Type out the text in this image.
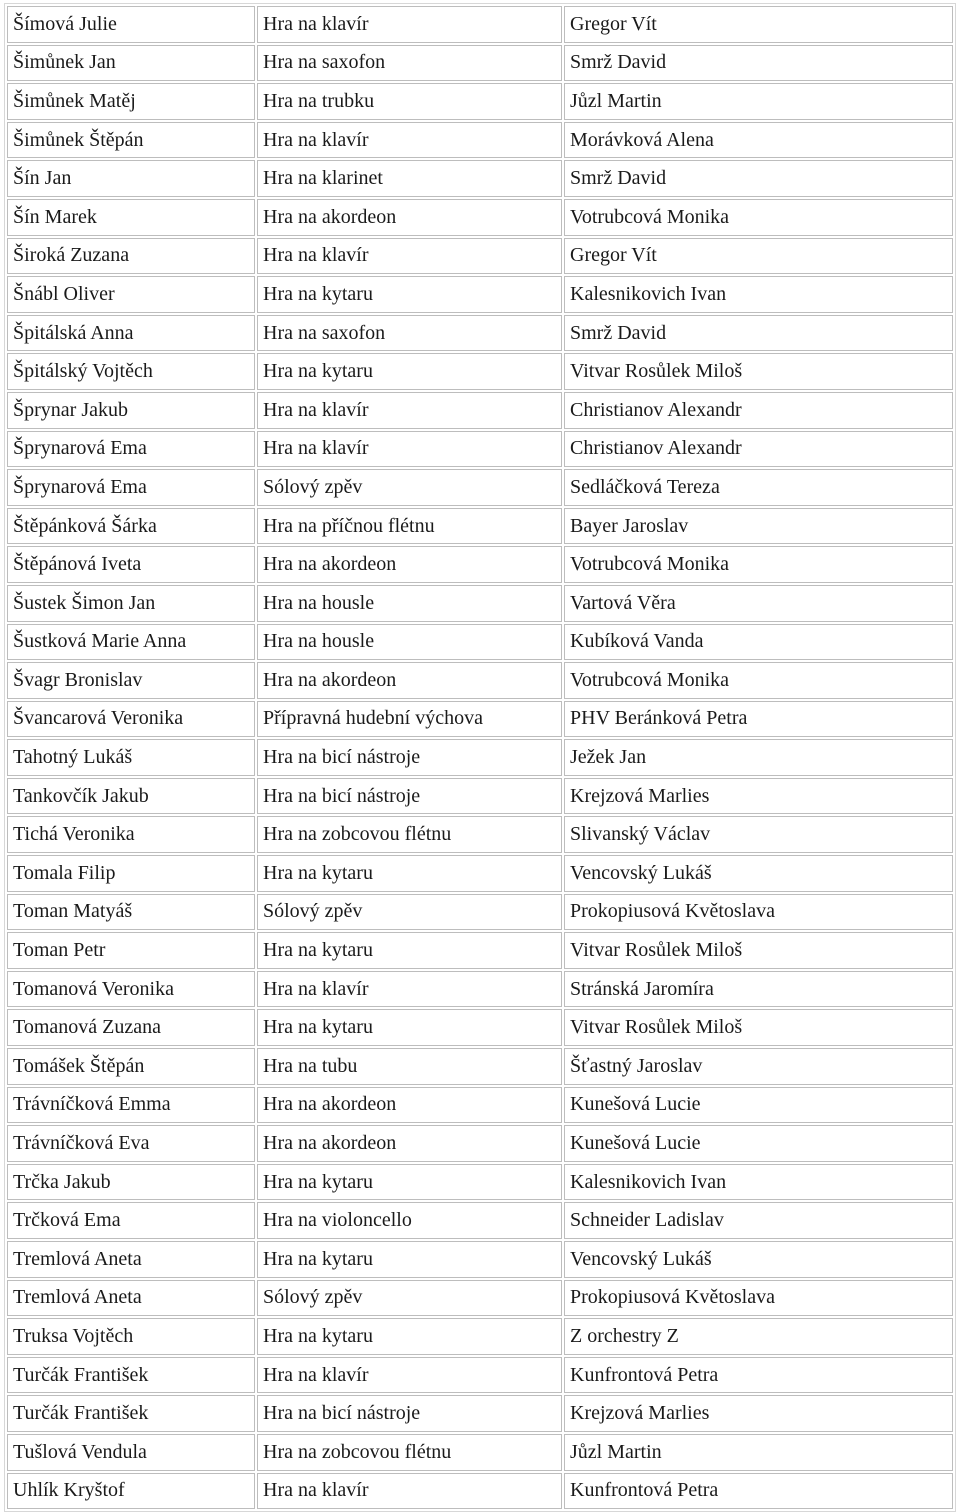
Šímová Julie	Hra na klavír	Gregor Vít
Šimůnek Jan	Hra na saxofon	Smrž David
Šimůnek Matěj	Hra na trubku	Jůzl Martin
Šimůnek Štěpán	Hra na klavír	Morávková Alena
Šín Jan	Hra na klarinet	Smrž David
Šín Marek	Hra na akordeon	Votrubcová Monika
Široká Zuzana	Hra na klavír	Gregor Vít
Šnábl Oliver	Hra na kytaru	Kalesnikovich Ivan
Špitálská Anna	Hra na saxofon	Smrž David
Špitálský Vojtěch	Hra na kytaru	Vitvar Rosůlek Miloš
Šprynar Jakub	Hra na klavír	Christianov Alexandr
Šprynarová Ema	Hra na klavír	Christianov Alexandr
Šprynarová Ema	Sólový zpěv	Sedláčková Tereza
Štěpánková Šárka	Hra na příčnou flétnu	Bayer Jaroslav
Štěpánová Iveta	Hra na akordeon	Votrubcová Monika
Šustek Šimon Jan	Hra na housle	Vartová Věra
Šustková Marie Anna	Hra na housle	Kubíková Vanda
Švagr Bronislav	Hra na akordeon	Votrubcová Monika
Švancarová Veronika	Přípravná hudební výchova	PHV Beránková Petra
Tahotný Lukáš	Hra na bicí nástroje	Ježek Jan
Tankovčík Jakub	Hra na bicí nástroje	Krejzová Marlies
Tichá Veronika	Hra na zobcovou flétnu	Slivanský Václav
Tomala Filip	Hra na kytaru	Vencovský Lukáš
Toman Matyáš	Sólový zpěv	Prokopiusová Květoslava
Toman Petr	Hra na kytaru	Vitvar Rosůlek Miloš
Tomanová Veronika	Hra na klavír	Stránská Jaromíra
Tomanová Zuzana	Hra na kytaru	Vitvar Rosůlek Miloš
Tomášek Štěpán	Hra na tubu	Šťastný Jaroslav
Trávníčková Emma	Hra na akordeon	Kunešová Lucie
Trávníčková Eva	Hra na akordeon	Kunešová Lucie
Trčka Jakub	Hra na kytaru	Kalesnikovich Ivan
Trčková Ema	Hra na violoncello	Schneider Ladislav
Tremlová Aneta	Hra na kytaru	Vencovský Lukáš
Tremlová Aneta	Sólový zpěv	Prokopiusová Květoslava
Truksa Vojtěch	Hra na kytaru	Z orchestry Z
Turčák František	Hra na klavír	Kunfrontová Petra
Turčák František	Hra na bicí nástroje	Krejzová Marlies
Tušlová Vendula	Hra na zobcovou flétnu	Jůzl Martin
Uhlík Kryštof	Hra na klavír	Kunfrontová Petra
